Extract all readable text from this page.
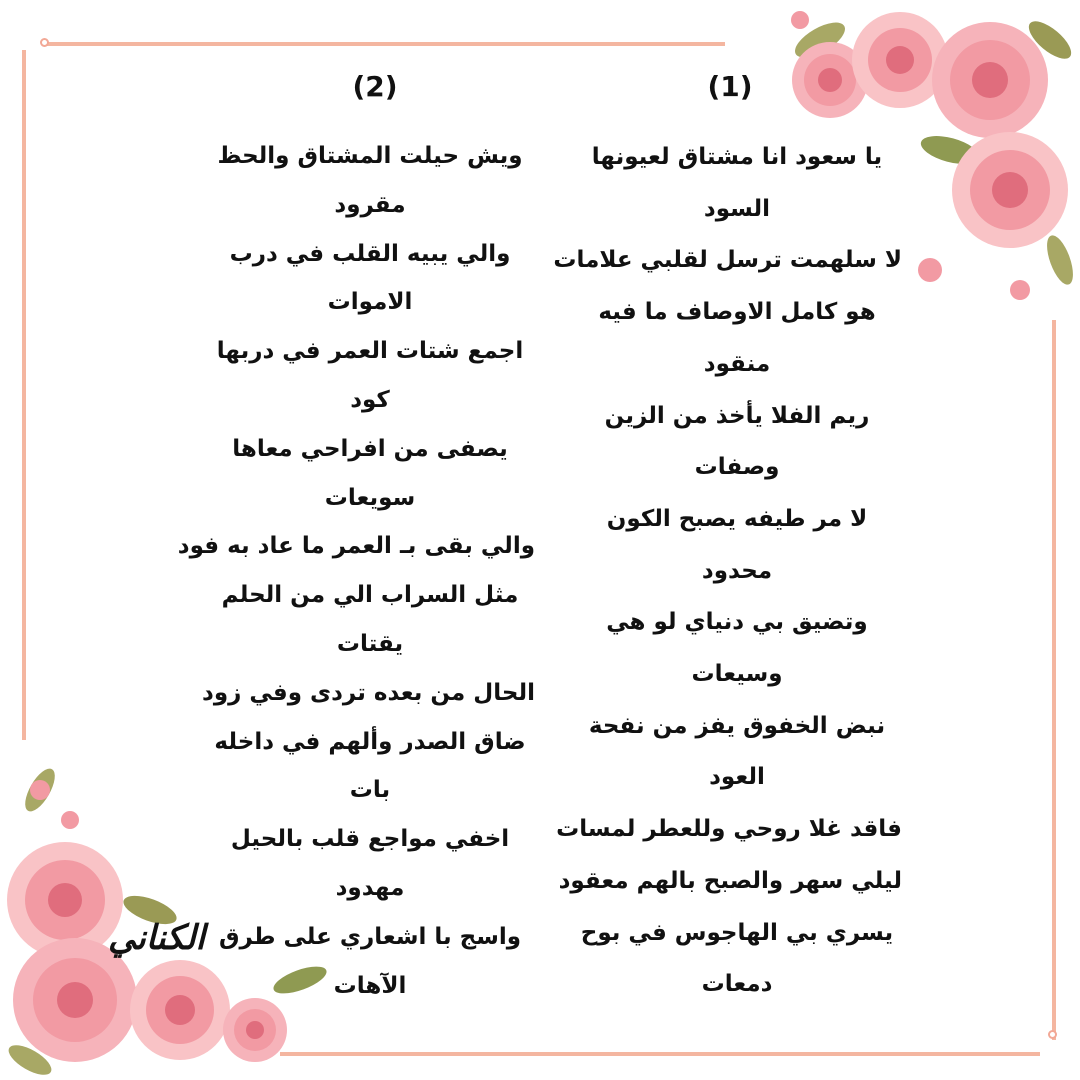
(1)
(2)
يا سعود انا مشتاق لعيونها
السود
لا سلهمت ترسل لقلبي علامات
هو كامل الاوصاف ما فيه
منقود
ريم الفلا يأخذ من الزين
وصفات
لا مر طيفه يصبح الكون
محدود
وتضيق بي دنياي لو هي
وسيعات
نبض الخفوق يفز من نفحة
العود
فاقد غلا روحي وللعطر لمسات
ليلي سهر والصبح بالهم معقود
يسري بي الهاجوس في بوح
دمعات
ويش حيلت المشتاق والحظ
مقرود
والي يبيه القلب في درب
الاموات
اجمع شتات العمر في دربها
كود
يصفى من افراحي معاها
سويعات
والي بقى بـ العمر ما عاد به فود
مثل السراب الي من الحلم
يقتات
الحال من بعده تردى وفي زود
ضاق الصدر وألهم في داخله
بات
اخفي مواجع قلب بالحيل
مهدود
واسج با اشعاري على طرق
الآهات
الكناني
